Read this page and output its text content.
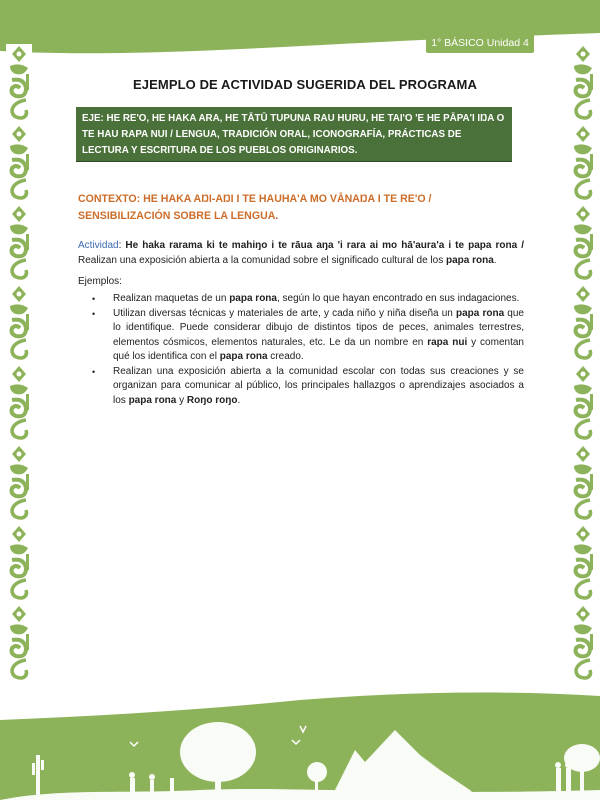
1° BÁSICO Unidad 4
EJEMPLO DE ACTIVIDAD SUGERIDA DEL PROGRAMA
EJE: HE RE'O, HE HAKA ARA, HE TĀTŪ TUPUNA RAU HURU, HE TAI'O 'E HE PĀPA'I IŊA O TE HAU RAPA NUI / LENGUA, TRADICIÓN ORAL, ICONOGRAFÍA, PRÁCTICAS DE LECTURA Y ESCRITURA DE LOS PUEBLOS ORIGINARIOS.
CONTEXTO: HE HAKA AŊI-AŊI I TE HAUHA'A MO VĀNAŊA I TE RE'O / SENSIBILIZACIÓN SOBRE LA LENGUA.
Actividad: He haka rarama ki te mahiŋo i te rāua aŋa 'i rara ai mo hā'aura'a i te papa rona / Realizan una exposición abierta a la comunidad sobre el significado cultural de los papa rona.
Ejemplos:
• Realizan maquetas de un papa rona, según lo que hayan encontrado en sus indagaciones.
• Utilizan diversas técnicas y materiales de arte, y cada niño y niña diseña un papa rona que lo identifique. Puede considerar dibujo de distintos tipos de peces, animales terrestres, elementos cósmicos, elementos naturales, etc. Le da un nombre en rapa nui y comentan qué los identifica con el papa rona creado.
• Realizan una exposición abierta a la comunidad escolar con todas sus creaciones y se organizan para comunicar al público, los principales hallazgos o aprendizajes asociados a los papa rona y Roŋo roŋo.
